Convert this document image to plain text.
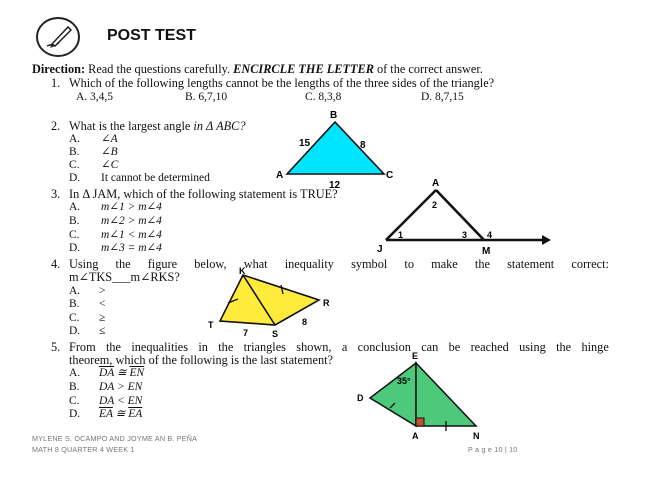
POST TEST
Direction: Read the questions carefully. ENCIRCLE THE LETTER of the correct answer.
1. Which of the following lengths cannot be the lengths of the three sides of the triangle?
A. 3,4,5	B. 6,7,10	C. 8,3,8	D. 8,7,15
2. What is the largest angle in Δ ABC?
A. ∠A
B. ∠B
C. ∠C
D. It cannot be determined
B
A	C
15	8
12
3. In Δ JAM, which of the following statement is TRUE?
A. m∠1 > m∠4
B. m∠2 > m∠4
C. m∠1 < m∠4
D. m∠3 = m∠4
A
J	M
1
2
3 4
4. Using the figure below, what inequality symbol to make the statement correct:
m∠TKS___m∠RKS?
A. >
B. <
C. ≥
D. ≤
K
R
T
S
7
8
5. From the inequalities in the triangles shown, a conclusion can be reached using the hinge
theorem, which of the following is the last statement?
A. $\overline{DA}$ ≅ $\overline{EN}$
B. DA > EN
C. DA < EN
D. $\overline{EA}$ ≅ $\overline{EA}$
E
D
A	N
35°
MYLENE S. OCAMPO AND JOYME AN B. PEÑA
MATH 8 QUARTER 4 WEEK 1	P a g e 10 | 10
